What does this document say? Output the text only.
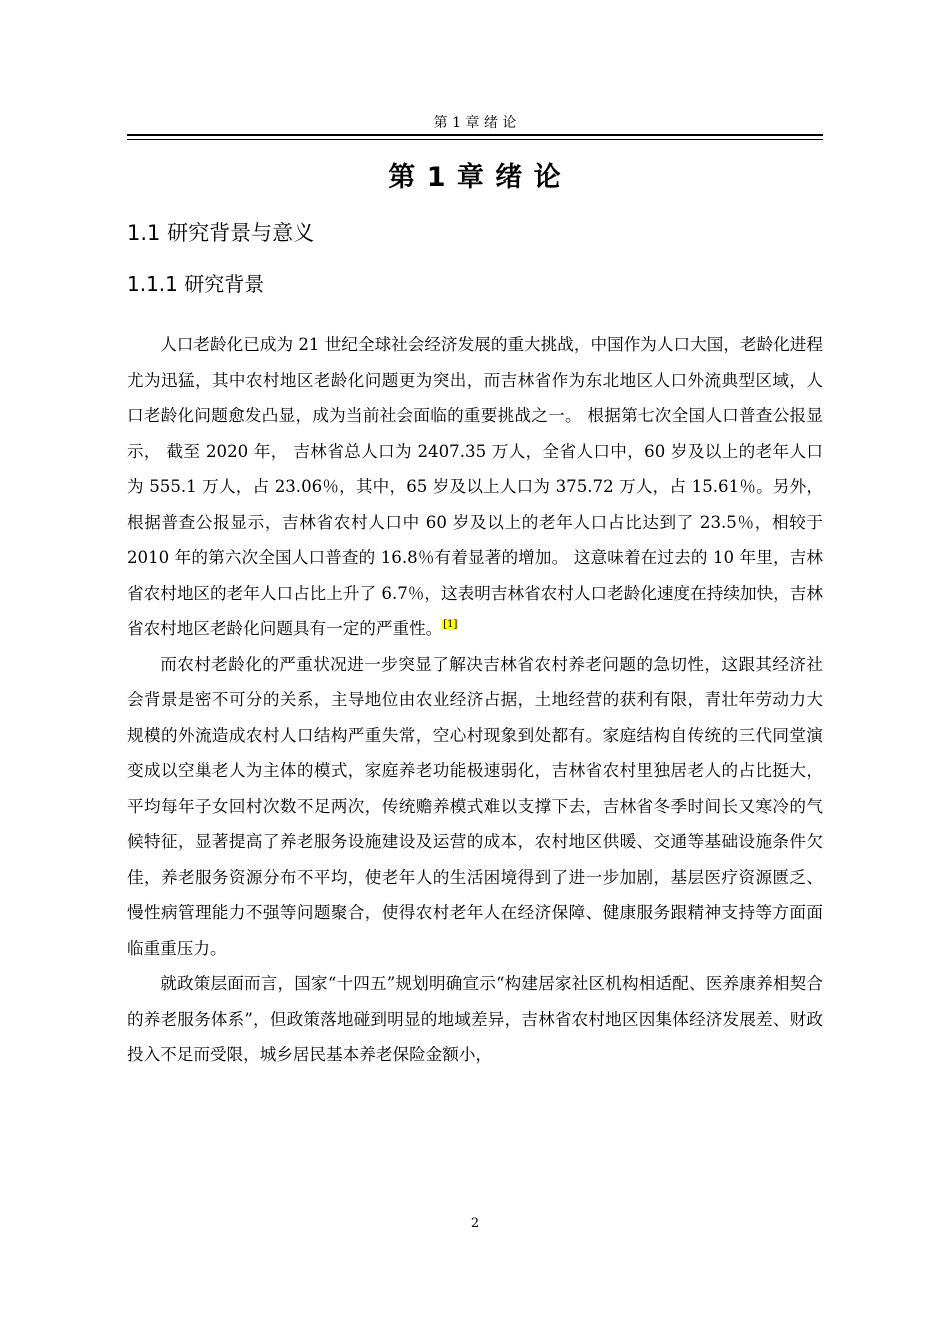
第 1 章 绪 论
第 1 章 绪 论
1.1 研究背景与意义
1.1.1 研究背景

人口老龄化已成为 21 世纪全球社会经济发展的重大挑战，中国作为人口大国，老龄化进程尤为迅猛，其中农村地区老龄化问题更为突出，而吉林省作为东北地区人口外流典型区域，人口老龄化问题愈发凸显，成为当前社会面临的重要挑战之一。 根据第七次全国人口普查公报显示， 截至 2020 年， 吉林省总人口为 2407.35 万人，全省人口中，60 岁及以上的老年人口为 555.1 万人，占 23.06％，其中，65 岁及以上人口为 375.72 万人，占 15.61％。另外， 根据普查公报显示，吉林省农村人口中 60 岁及以上的老年人口占比达到了 23.5％，相较于 2010 年的第六次全国人口普查的 16.8％有着显著的增加。 这意味着在过去的 10 年里，吉林省农村地区的老年人口占比上升了 6.7％，这表明吉林省农村人口老龄化速度在持续加快，吉林省农村地区老龄化问题具有一定的严重性。[1]

而农村老龄化的严重状况进一步突显了解决吉林省农村养老问题的急切性，这跟其经济社会背景是密不可分的关系，主导地位由农业经济占据，土地经营的获利有限，青壮年劳动力大规模的外流造成农村人口结构严重失常，空心村现象到处都有。家庭结构自传统的三代同堂演变成以空巢老人为主体的模式，家庭养老功能极速弱化，吉林省农村里独居老人的占比挺大，平均每年子女回村次数不足两次，传统赡养模式难以支撑下去，吉林省冬季时间长又寒冷的气候特征，显著提高了养老服务设施建设及运营的成本，农村地区供暖、交通等基础设施条件欠佳，养老服务资源分布不平均，使老年人的生活困境得到了进一步加剧，基层医疗资源匮乏、慢性病管理能力不强等问题聚合，使得农村老年人在经济保障、健康服务跟精神支持等方面面临重重压力。

就政策层面而言，国家“十四五”规划明确宣示“构建居家社区机构相适配、医养康养相契合的养老服务体系”，但政策落地碰到明显的地域差异，吉林省农村地区因集体经济发展差、财政投入不足而受限，城乡居民基本养老保险金额小，

2
